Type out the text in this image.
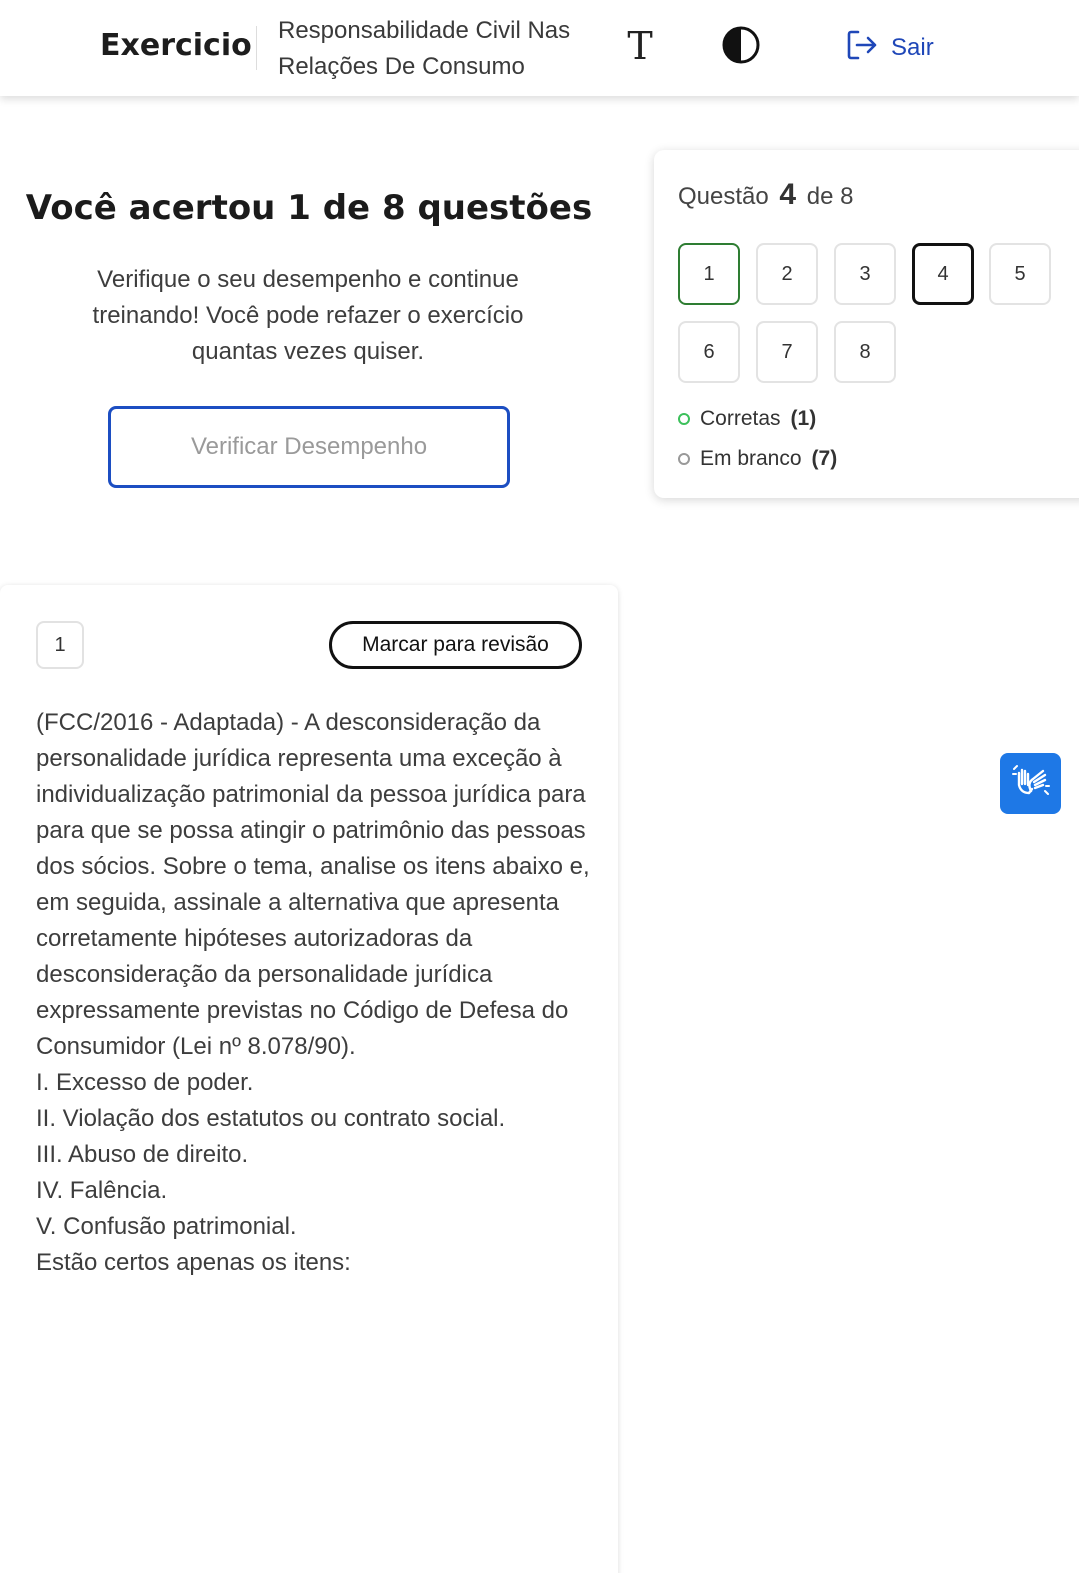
Exercicio Responsabilidade Civil Nas
Relações De Consumo	T	Sair
Você acertou 1 de 8 questões
Verifique o seu desempenho e continue treinando! Você pode refazer o exercício quantas vezes quiser.
Verificar Desempenho
Questão 4 de 8
1	2	3	4	5
6	7	8
Corretas (1)
Em branco (7)
1	Marcar para revisão

(FCC/2016 - Adaptada) - A desconsideração da personalidade jurídica representa uma exceção à individualização patrimonial da pessoa jurídica para para que se possa atingir o patrimônio das pessoas dos sócios. Sobre o tema, analise os itens abaixo e, em seguida, assinale a alternativa que apresenta corretamente hipóteses autorizadoras da desconsideração da personalidade jurídica expressamente previstas no Código de Defesa do Consumidor (Lei nº 8.078/90).

I. Excesso de poder.

II. Violação dos estatutos ou contrato social.

III. Abuso de direito.

IV. Falência.

V. Confusão patrimonial.

Estão certos apenas os itens:
